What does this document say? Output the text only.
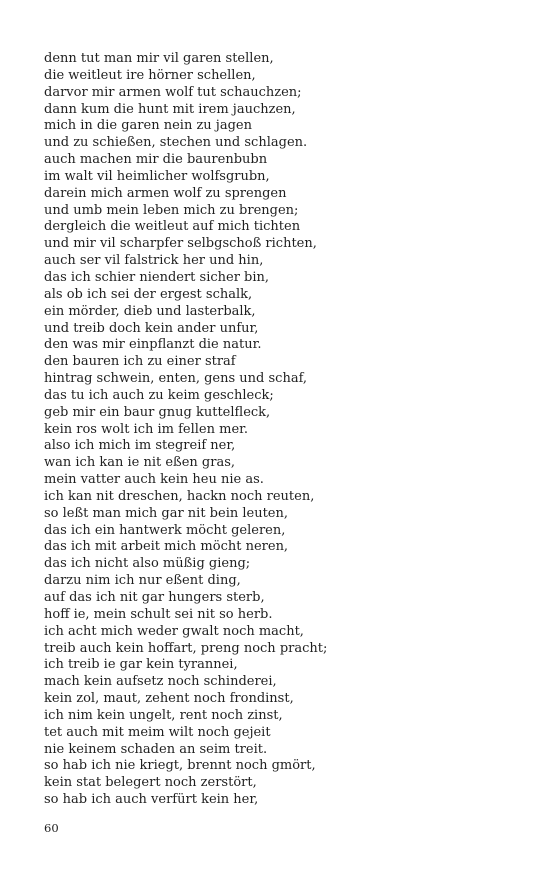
denn tut man mir vil garen stellen,
die weitleut ire hörner schellen,
darvor mir armen wolf tut schauchzen;
dann kum die hunt mit irem jauchzen,
mich in die garen nein zu jagen
und zu schießen, stechen und schlagen.
auch machen mir die baurenbubn
im walt vil heimlicher wolfsgrubn,
darein mich armen wolf zu sprengen
und umb mein leben mich zu brengen;
dergleich die weitleut auf mich tichten
und mir vil scharpfer selbgschoß richten,
auch ser vil falstrick her und hin,
das ich schier niendert sicher bin,
als ob ich sei der ergest schalk,
ein mörder, dieb und lasterbalk,
und treib doch kein ander unfur,
den was mir einpflanzt die natur.
den bauren ich zu einer straf
hintrag schwein, enten, gens und schaf,
das tu ich auch zu keim geschleck;
geb mir ein baur gnug kuttelfleck,
kein ros wolt ich im fellen mer.
also ich mich im stegreif ner,
wan ich kan ie nit eßen gras,
mein vatter auch kein heu nie as.
ich kan nit dreschen, hackn noch reuten,
so leßt man mich gar nit bein leuten,
das ich ein hantwerk möcht geleren,
das ich mit arbeit mich möcht neren,
das ich nicht also müßig gieng;
darzu nim ich nur eßent ding,
auf das ich nit gar hungers sterb,
hoff ie, mein schult sei nit so herb.
ich acht mich weder gwalt noch macht,
treib auch kein hoffart, preng noch pracht;
ich treib ie gar kein tyrannei,
mach kein aufsetz noch schinderei,
kein zol, maut, zehent noch frondinst,
ich nim kein ungelt, rent noch zinst,
tet auch mit meim wilt noch gejeit
nie keinem schaden an seim treit.
so hab ich nie kriegt, brennt noch gmört,
kein stat belegert noch zerstört,
so hab ich auch verfürt kein her,
60
